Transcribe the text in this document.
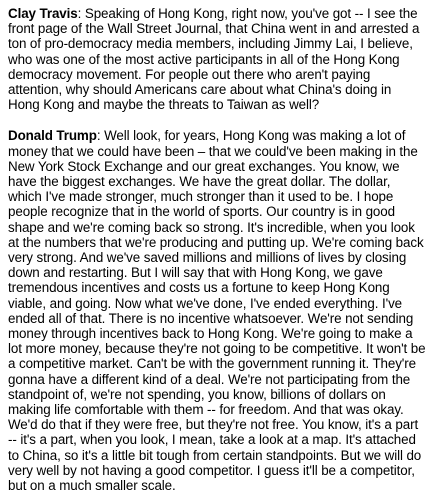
Clay Travis: Speaking of Hong Kong, right now, you've got -- I see the front page of the Wall Street Journal, that China went in and arrested a ton of pro-democracy media members, including Jimmy Lai, I believe, who was one of the most active participants in all of the Hong Kong democracy movement. For people out there who aren't paying attention, why should Americans care about what China's doing in Hong Kong and maybe the threats to Taiwan as well?

Donald Trump: Well look, for years, Hong Kong was making a lot of money that we could have been – that we could've been making in the New York Stock Exchange and our great exchanges. You know, we have the biggest exchanges. We have the great dollar. The dollar, which I've made stronger, much stronger than it used to be. I hope people recognize that in the world of sports. Our country is in good shape and we're coming back so strong. It's incredible, when you look at the numbers that we're producing and putting up. We're coming back very strong. And we've saved millions and millions of lives by closing down and restarting. But I will say that with Hong Kong, we gave tremendous incentives and costs us a fortune to keep Hong Kong viable, and going. Now what we've done, I've ended everything. I've ended all of that. There is no incentive whatsoever. We're not sending money through incentives back to Hong Kong. We're going to make a lot more money, because they're not going to be competitive. It won't be a competitive market. Can't be with the government running it. They're gonna have a different kind of a deal. We're not participating from the standpoint of, we're not spending, you know, billions of dollars on making life comfortable with them -- for freedom. And that was okay. We'd do that if they were free, but they're not free. You know, it's a part -- it's a part, when you look, I mean, take a look at a map. It's attached to China, so it's a little bit tough from certain standpoints. But we will do very well by not having a good competitor. I guess it'll be a competitor, but on a much smaller scale.
